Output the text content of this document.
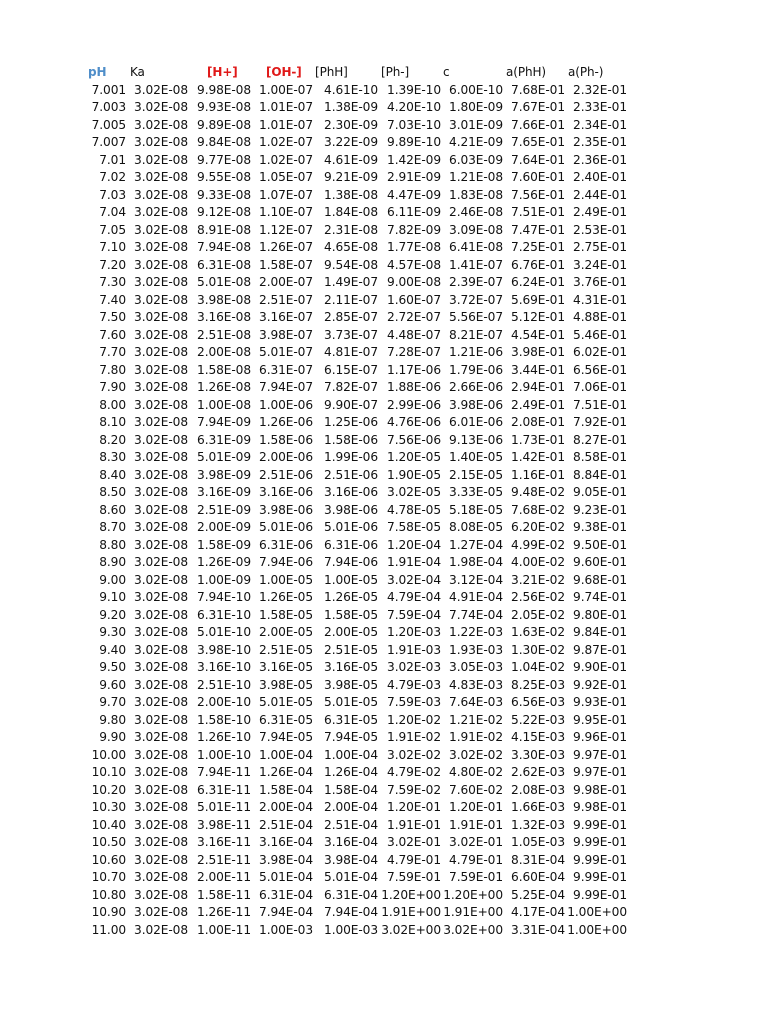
pH Ka	[H+] [OH-] [PhH]	[Ph-]	c	a(PhH) a(Ph-)
7.001 3.02E-08 9.98E-08 1.00E-07 4.61E-10 1.39E-10 6.00E-10 7.68E-01 2.32E-01
7.003 3.02E-08 9.93E-08 1.01E-07 1.38E-09 4.20E-10 1.80E-09 7.67E-01 2.33E-01
7.005 3.02E-08 9.89E-08 1.01E-07 2.30E-09 7.03E-10 3.01E-09 7.66E-01 2.34E-01
7.007 3.02E-08 9.84E-08 1.02E-07 3.22E-09 9.89E-10 4.21E-09 7.65E-01 2.35E-01
7.01 3.02E-08 9.77E-08 1.02E-07 4.61E-09 1.42E-09 6.03E-09 7.64E-01 2.36E-01
7.02 3.02E-08 9.55E-08 1.05E-07 9.21E-09 2.91E-09 1.21E-08 7.60E-01 2.40E-01
7.03 3.02E-08 9.33E-08 1.07E-07 1.38E-08 4.47E-09 1.83E-08 7.56E-01 2.44E-01
7.04 3.02E-08 9.12E-08 1.10E-07 1.84E-08 6.11E-09 2.46E-08 7.51E-01 2.49E-01
7.05 3.02E-08 8.91E-08 1.12E-07 2.31E-08 7.82E-09 3.09E-08 7.47E-01 2.53E-01
7.10 3.02E-08 7.94E-08 1.26E-07 4.65E-08 1.77E-08 6.41E-08 7.25E-01 2.75E-01
7.20 3.02E-08 6.31E-08 1.58E-07 9.54E-08 4.57E-08 1.41E-07 6.76E-01 3.24E-01
7.30 3.02E-08 5.01E-08 2.00E-07 1.49E-07 9.00E-08 2.39E-07 6.24E-01 3.76E-01
7.40 3.02E-08 3.98E-08 2.51E-07 2.11E-07 1.60E-07 3.72E-07 5.69E-01 4.31E-01
7.50 3.02E-08 3.16E-08 3.16E-07 2.85E-07 2.72E-07 5.56E-07 5.12E-01 4.88E-01
7.60 3.02E-08 2.51E-08 3.98E-07 3.73E-07 4.48E-07 8.21E-07 4.54E-01 5.46E-01
7.70 3.02E-08 2.00E-08 5.01E-07 4.81E-07 7.28E-07 1.21E-06 3.98E-01 6.02E-01
7.80 3.02E-08 1.58E-08 6.31E-07 6.15E-07 1.17E-06 1.79E-06 3.44E-01 6.56E-01
7.90 3.02E-08 1.26E-08 7.94E-07 7.82E-07 1.88E-06 2.66E-06 2.94E-01 7.06E-01
8.00 3.02E-08 1.00E-08 1.00E-06 9.90E-07 2.99E-06 3.98E-06 2.49E-01 7.51E-01
8.10 3.02E-08 7.94E-09 1.26E-06 1.25E-06 4.76E-06 6.01E-06 2.08E-01 7.92E-01
8.20 3.02E-08 6.31E-09 1.58E-06 1.58E-06 7.56E-06 9.13E-06 1.73E-01 8.27E-01
8.30 3.02E-08 5.01E-09 2.00E-06 1.99E-06 1.20E-05 1.40E-05 1.42E-01 8.58E-01
8.40 3.02E-08 3.98E-09 2.51E-06 2.51E-06 1.90E-05 2.15E-05 1.16E-01 8.84E-01
8.50 3.02E-08 3.16E-09 3.16E-06 3.16E-06 3.02E-05 3.33E-05 9.48E-02 9.05E-01
8.60 3.02E-08 2.51E-09 3.98E-06 3.98E-06 4.78E-05 5.18E-05 7.68E-02 9.23E-01
8.70 3.02E-08 2.00E-09 5.01E-06 5.01E-06 7.58E-05 8.08E-05 6.20E-02 9.38E-01
8.80 3.02E-08 1.58E-09 6.31E-06 6.31E-06 1.20E-04 1.27E-04 4.99E-02 9.50E-01
8.90 3.02E-08 1.26E-09 7.94E-06 7.94E-06 1.91E-04 1.98E-04 4.00E-02 9.60E-01
9.00 3.02E-08 1.00E-09 1.00E-05 1.00E-05 3.02E-04 3.12E-04 3.21E-02 9.68E-01
9.10 3.02E-08 7.94E-10 1.26E-05 1.26E-05 4.79E-04 4.91E-04 2.56E-02 9.74E-01
9.20 3.02E-08 6.31E-10 1.58E-05 1.58E-05 7.59E-04 7.74E-04 2.05E-02 9.80E-01
9.30 3.02E-08 5.01E-10 2.00E-05 2.00E-05 1.20E-03 1.22E-03 1.63E-02 9.84E-01
9.40 3.02E-08 3.98E-10 2.51E-05 2.51E-05 1.91E-03 1.93E-03 1.30E-02 9.87E-01
9.50 3.02E-08 3.16E-10 3.16E-05 3.16E-05 3.02E-03 3.05E-03 1.04E-02 9.90E-01
9.60 3.02E-08 2.51E-10 3.98E-05 3.98E-05 4.79E-03 4.83E-03 8.25E-03 9.92E-01
9.70 3.02E-08 2.00E-10 5.01E-05 5.01E-05 7.59E-03 7.64E-03 6.56E-03 9.93E-01
9.80 3.02E-08 1.58E-10 6.31E-05 6.31E-05 1.20E-02 1.21E-02 5.22E-03 9.95E-01
9.90 3.02E-08 1.26E-10 7.94E-05 7.94E-05 1.91E-02 1.91E-02 4.15E-03 9.96E-01
10.00 3.02E-08 1.00E-10 1.00E-04 1.00E-04 3.02E-02 3.02E-02 3.30E-03 9.97E-01
10.10 3.02E-08 7.94E-11 1.26E-04 1.26E-04 4.79E-02 4.80E-02 2.62E-03 9.97E-01
10.20 3.02E-08 6.31E-11 1.58E-04 1.58E-04 7.59E-02 7.60E-02 2.08E-03 9.98E-01
10.30 3.02E-08 5.01E-11 2.00E-04 2.00E-04 1.20E-01 1.20E-01 1.66E-03 9.98E-01
10.40 3.02E-08 3.98E-11 2.51E-04 2.51E-04 1.91E-01 1.91E-01 1.32E-03 9.99E-01
10.50 3.02E-08 3.16E-11 3.16E-04 3.16E-04 3.02E-01 3.02E-01 1.05E-03 9.99E-01
10.60 3.02E-08 2.51E-11 3.98E-04 3.98E-04 4.79E-01 4.79E-01 8.31E-04 9.99E-01
10.70 3.02E-08 2.00E-11 5.01E-04 5.01E-04 7.59E-01 7.59E-01 6.60E-04 9.99E-01
10.80 3.02E-08 1.58E-11 6.31E-04 6.31E-04 1.20E+00 1.20E+00 5.25E-04 9.99E-01
10.90 3.02E-08 1.26E-11 7.94E-04 7.94E-04 1.91E+00 1.91E+00 4.17E-04 1.00E+00
11.00 3.02E-08 1.00E-11 1.00E-03 1.00E-03 3.02E+00 3.02E+00 3.31E-04 1.00E+00
